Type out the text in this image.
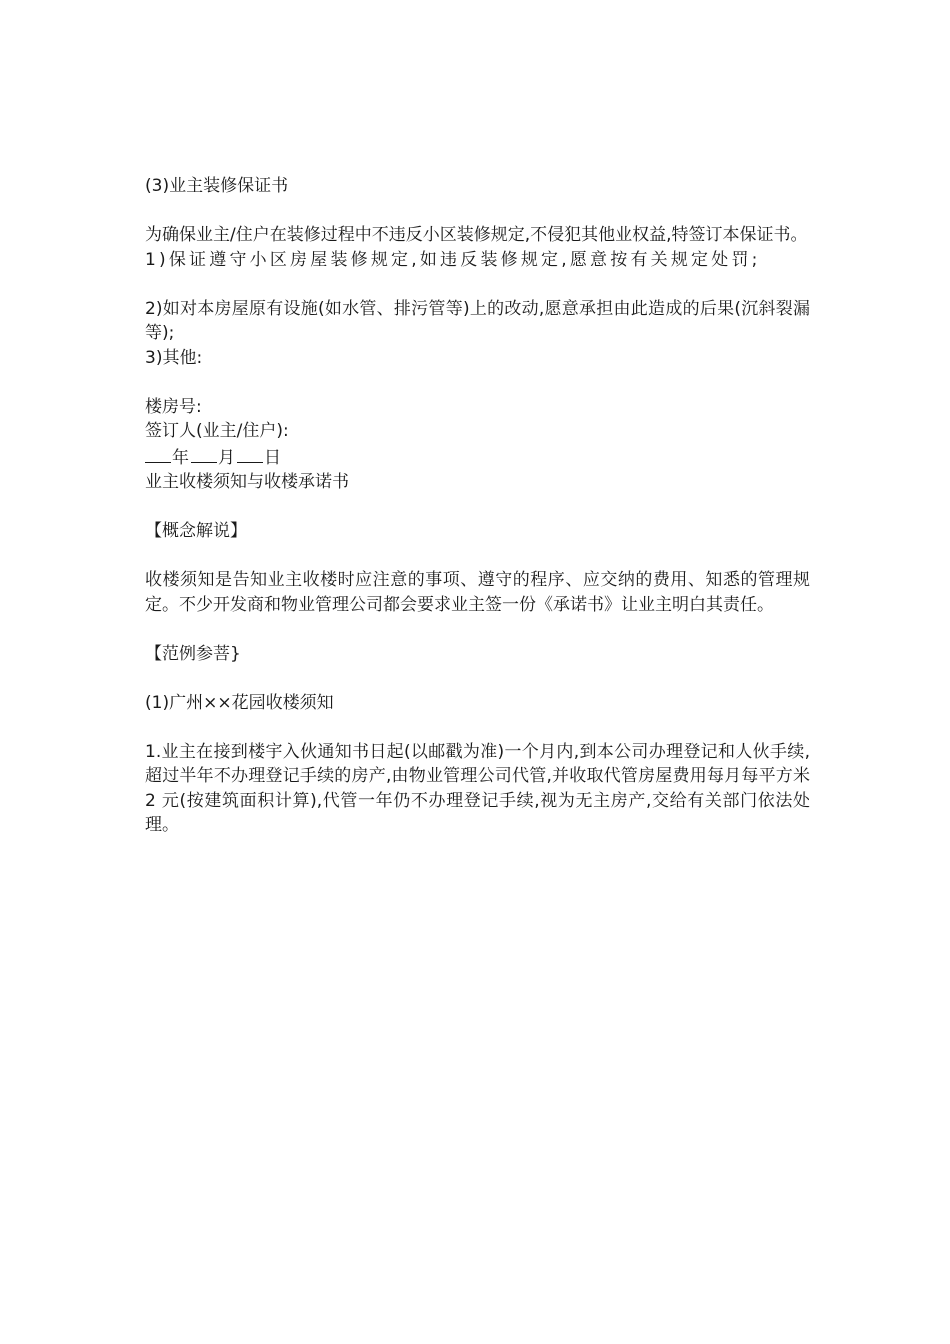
(3)业主装修保证书

为确保业主/住户在装修过程中不违反小区装修规定,不侵犯其他业权益,特签订本保证书。

1)保证遵守小区房屋装修规定,如违反装修规定,愿意按有关规定处罚;

2)如对本房屋原有设施(如水管、排污管等)上的改动,愿意承担由此造成的后果(沉斜裂漏等);

3)其他:

楼房号:

签订人(业主/住户):

年 月 日

业主收楼须知与收楼承诺书

【概念解说】

收楼须知是告知业主收楼时应注意的事项、遵守的程序、应交纳的费用、知悉的管理规定。不少开发商和物业管理公司都会要求业主签一份《承诺书》让业主明白其责任。

【范例参菩}

(1)广州××花园收楼须知

1.业主在接到楼宇入伙通知书日起(以邮戳为准)一个月内,到本公司办理登记和人伙手续,超过半年不办理登记手续的房产,由物业管理公司代管,并收取代管房屋费用每月每平方米 2 元(按建筑面积计算),代管一年仍不办理登记手续,视为无主房产,交给有关部门依法处理。
